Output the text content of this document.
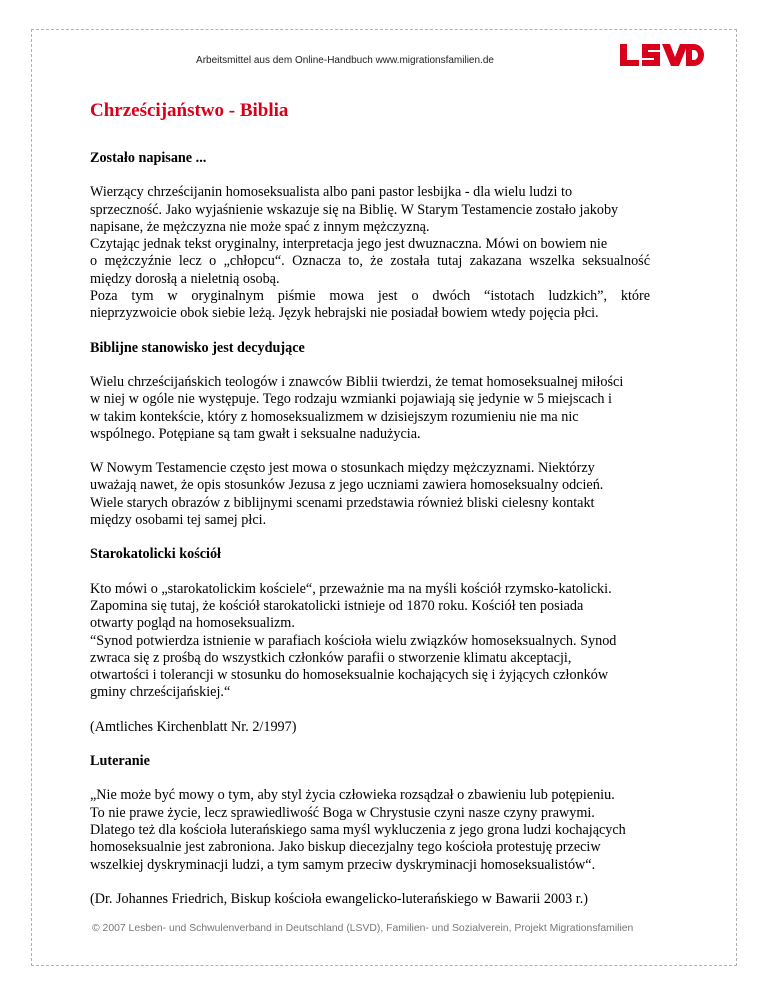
Arbeitsmittel aus dem Online-Handbuch www.migrationsfamilien.de
Chrześcijaństwo - Biblia
Zostało napisane ...

Wierzący chrześcijanin homoseksualista albo pani pastor lesbijka - dla wielu ludzi to
sprzeczność. Jako wyjaśnienie wskazuje się na Biblię. W Starym Testamencie zostało jakoby
napisane, że mężczyzna nie może spać z innym mężczyzną.
Czytając jednak tekst oryginalny, interpretacja jego jest dwuznaczna. Mówi on bowiem nie
o mężczyźnie lecz o „chłopcu“. Oznacza to, że została tutaj zakazana wszelka seksualność
między dorosłą a nieletnią osobą.
Poza tym w oryginalnym piśmie mowa jest o dwóch “istotach ludzkich”, które
nieprzyzwoicie obok siebie leżą. Język hebrajski nie posiadał bowiem wtedy pojęcia płci.

Biblijne stanowisko jest decydujące

Wielu chrześcijańskich teologów i znawców Biblii twierdzi, że temat homoseksualnej miłości
w niej w ogóle nie występuje. Tego rodzaju wzmianki pojawiają się jedynie w 5 miejscach i
w takim kontekście, który z homoseksualizmem w dzisiejszym rozumieniu nie ma nic
wspólnego. Potępiane są tam gwałt i seksualne nadużycia.

W Nowym Testamencie często jest mowa o stosunkach między mężczyznami. Niektórzy
uważają nawet, że opis stosunków Jezusa z jego uczniami zawiera homoseksualny odcień.
Wiele starych obrazów z biblijnymi scenami przedstawia również bliski cielesny kontakt
między osobami tej samej płci.

Starokatolicki kościół

Kto mówi o „starokatolickim kościele“, przeważnie ma na myśli kościół rzymsko-katolicki.
Zapomina się tutaj, że kościół starokatolicki istnieje od 1870 roku. Kościół ten posiada
otwarty pogląd na homoseksualizm.
“Synod potwierdza istnienie w parafiach kościoła wielu związków homoseksualnych. Synod
zwraca się z prośbą do wszystkich członków parafii o stworzenie klimatu akceptacji,
otwartości i tolerancji w stosunku do homoseksualnie kochających się i żyjących członków
gminy chrześcijańskiej.“

(Amtliches Kirchenblatt Nr. 2/1997)

Luteranie

„Nie może być mowy o tym, aby styl życia człowieka rozsądzał o zbawieniu lub potępieniu.
To nie prawe życie, lecz sprawiedliwość Boga w Chrystusie czyni nasze czyny prawymi.
Dlatego też dla kościoła luterańskiego sama myśl wykluczenia z jego grona ludzi kochających
homoseksualnie jest zabroniona. Jako biskup diecezjalny tego kościoła protestuję przeciw
wszelkiej dyskryminacji ludzi, a tym samym przeciw dyskryminacji homoseksualistów“.

(Dr. Johannes Friedrich, Biskup kościoła ewangelicko-luterańskiego w Bawarii 2003 r.)

© 2007 Lesben- und Schwulenverband in Deutschland (LSVD), Familien- und Sozialverein, Projekt Migrationsfamilien
